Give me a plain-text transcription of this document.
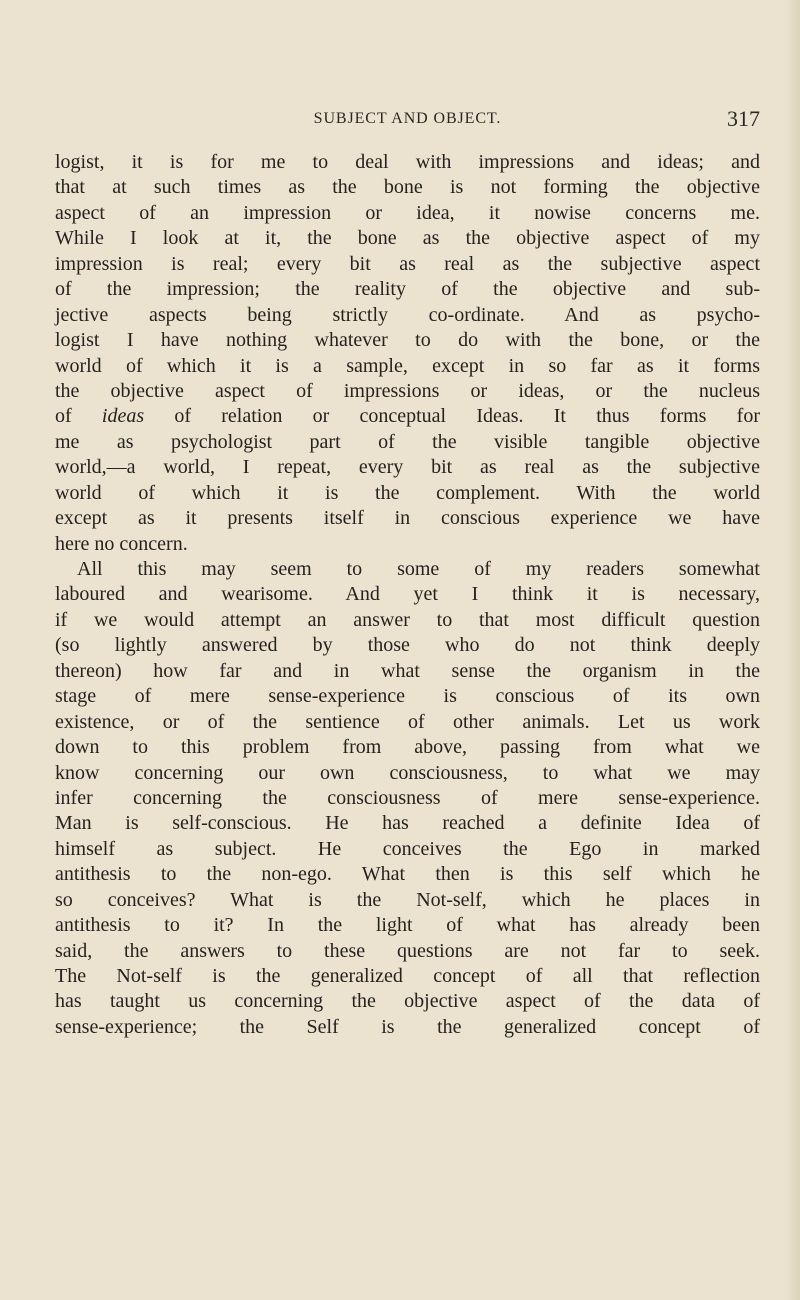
SUBJECT AND OBJECT.	317
logist, it is for me to deal with impressions and ideas; and
that at such times as the bone is not forming the objective
aspect of an impression or idea, it nowise concerns me.
While I look at it, the bone as the objective aspect of my
impression is real; every bit as real as the subjective aspect
of the impression; the reality of the objective and sub-
jective aspects being strictly co-ordinate. And as psycho-
logist I have nothing whatever to do with the bone, or the
world of which it is a sample, except in so far as it forms
the objective aspect of impressions or ideas, or the nucleus
of ideas of relation or conceptual Ideas. It thus forms for
me as psychologist part of the visible tangible objective
world,—a world, I repeat, every bit as real as the subjective
world of which it is the complement. With the world
except as it presents itself in conscious experience we have
here no concern.
All this may seem to some of my readers somewhat
laboured and wearisome. And yet I think it is necessary,
if we would attempt an answer to that most difficult question
(so lightly answered by those who do not think deeply
thereon) how far and in what sense the organism in the
stage of mere sense-experience is conscious of its own
existence, or of the sentience of other animals. Let us work
down to this problem from above, passing from what we
know concerning our own consciousness, to what we may
infer concerning the consciousness of mere sense-experience.
Man is self-conscious. He has reached a definite Idea of
himself as subject. He conceives the Ego in marked
antithesis to the non-ego. What then is this self which he
so conceives? What is the Not-self, which he places in
antithesis to it? In the light of what has already been
said, the answers to these questions are not far to seek.
The Not-self is the generalized concept of all that reflection
has taught us concerning the objective aspect of the data of
sense-experience; the Self is the generalized concept of
